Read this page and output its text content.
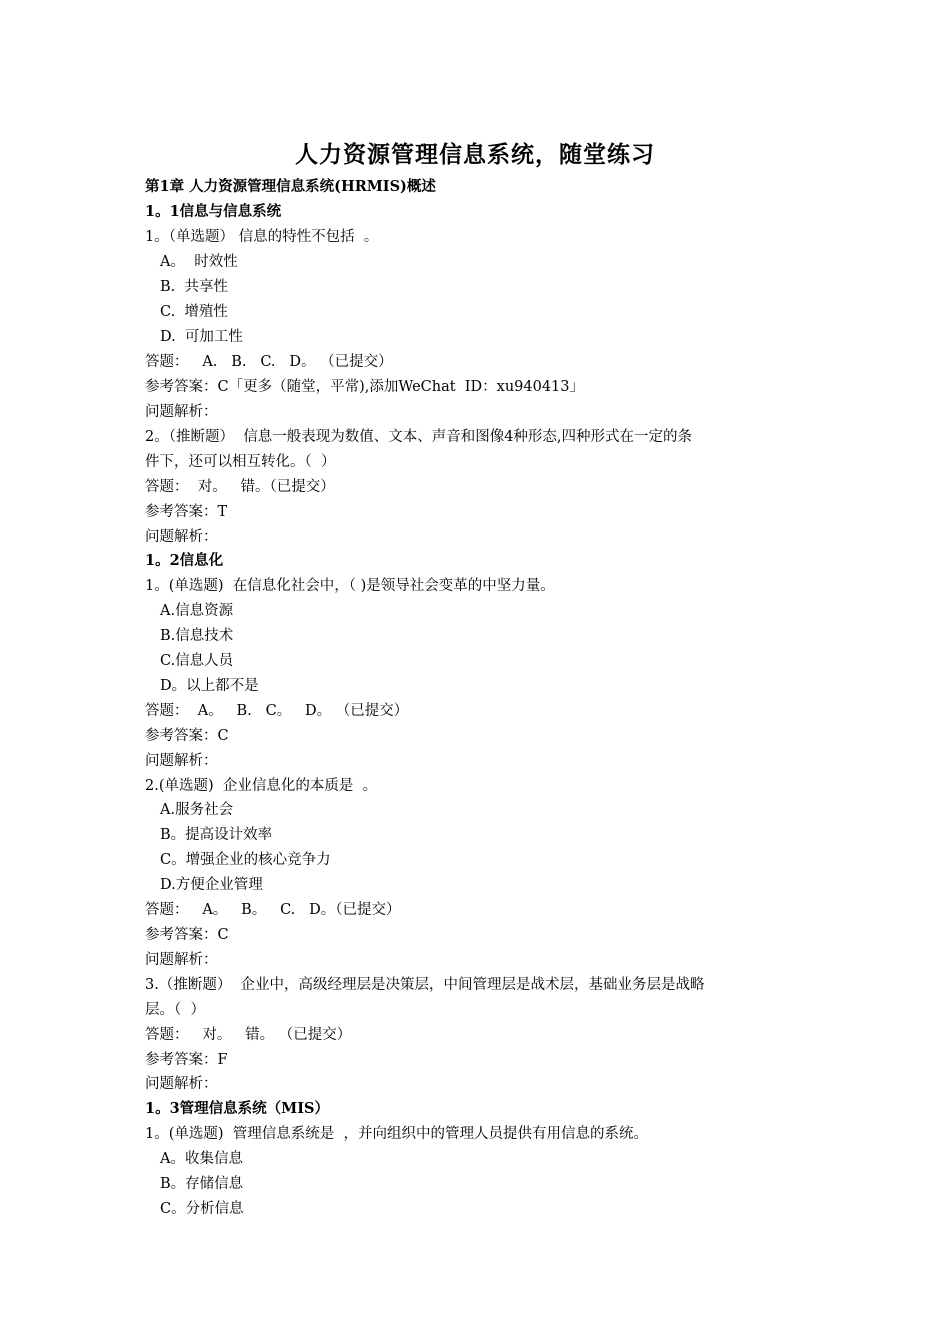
人力资源管理信息系统，随堂练习
第1章 人力资源管理信息系统(HRMIS)概述
1。1信息与信息系统
1。（单选题） 信息的特性不包括  。
A。  时效性
B.  共享性
C.  增殖性
D.  可加工性
答题：   A.   B.   C.   D。 （已提交）
参考答案：C「更多（随堂，平常),添加WeChat  ID：xu940413」
问题解析：
2。（推断题）  信息一般表现为数值、文本、声音和图像4种形态,四种形式在一定的条
件下，还可以相互转化。（  ）
答题：  对。   错。（已提交）
参考答案：T
问题解析：
1。2信息化
1。(单选题)  在信息化社会中，（ )是领导社会变革的中坚力量。
A.信息资源
B.信息技术
C.信息人员
D。以上都不是
答题：  A。   B.   C。   D。 （已提交）
参考答案：C
问题解析：
2.(单选题)  企业信息化的本质是  。
A.服务社会
B。提高设计效率
C。增强企业的核心竞争力
D.方便企业管理
答题：   A。   B。   C.   D。（已提交）
参考答案：C
问题解析：
3.（推断题）  企业中，高级经理层是决策层，中间管理层是战术层，基础业务层是战略
层。（  ）
答题：   对。   错。 （已提交）
参考答案：F
问题解析：
1。3管理信息系统（MIS）
1。(单选题)  管理信息系统是  ，并向组织中的管理人员提供有用信息的系统。
A。收集信息
B。存储信息
C。分析信息
